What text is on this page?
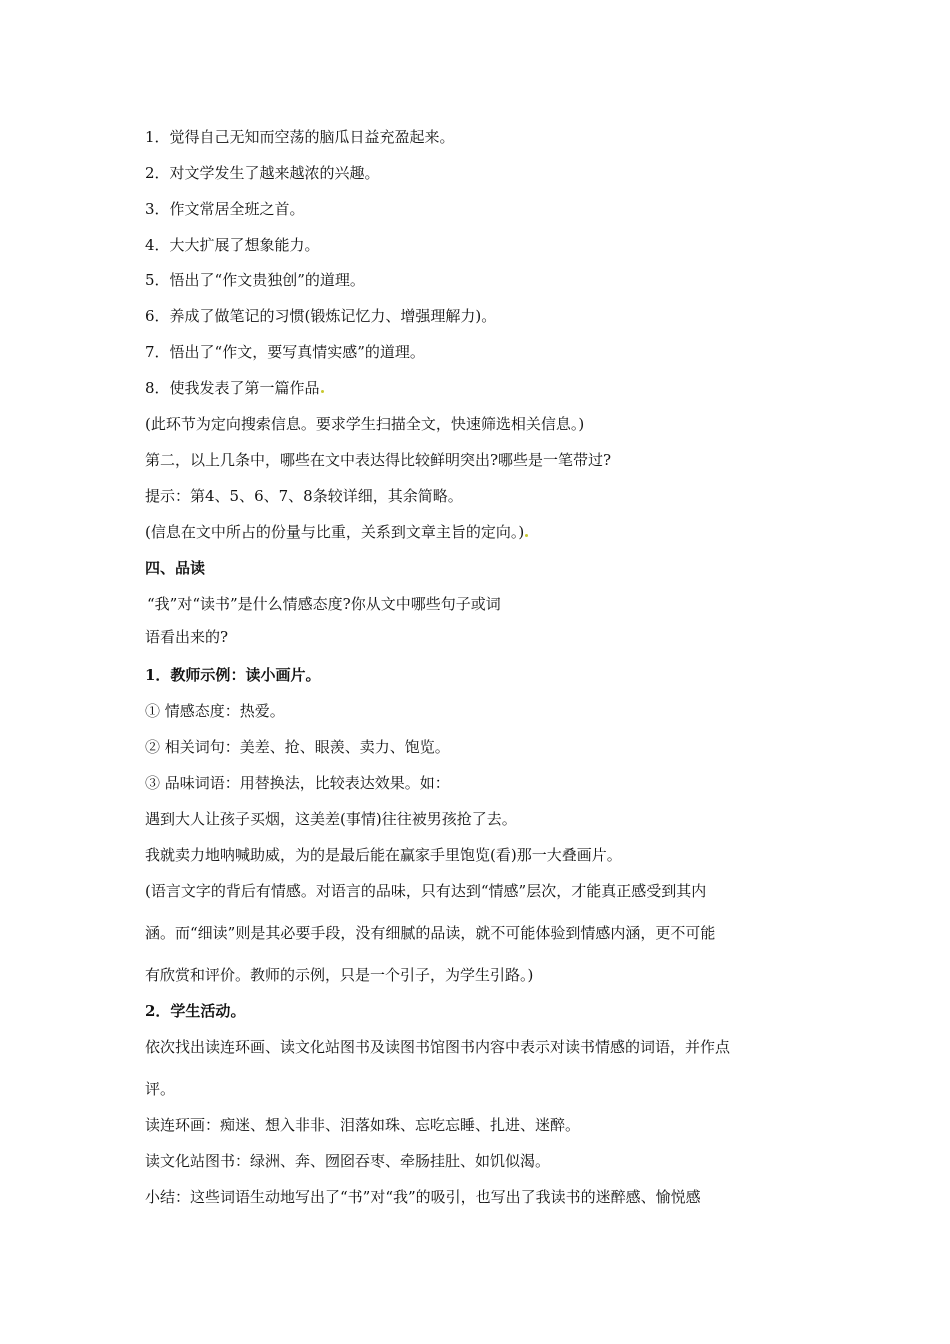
1．觉得自己无知而空荡的脑瓜日益充盈起来。
2．对文学发生了越来越浓的兴趣。
3．作文常居全班之首。
4．大大扩展了想象能力。
5．悟出了“作文贵独创”的道理。
6．养成了做笔记的习惯(锻炼记忆力、增强理解力)。
7．悟出了“作文，要写真情实感”的道理。
8．使我发表了第一篇作品
(此环节为定向搜索信息。要求学生扫描全文，快速筛选相关信息。)
第二，以上几条中，哪些在文中表达得比较鲜明突出?哪些是一笔带过?
提示：第4、5、6、7、8条较详细，其余简略。
(信息在文中所占的份量与比重，关系到文章主旨的定向。)
四、品读
“我”对“读书”是什么情感态度?你从文中哪些句子或词
语看出来的?
1．教师示例：读小画片。
① 情感态度：热爱。
② 相关词句：美差、抢、眼羡、卖力、饱览。
③ 品味词语：用替换法，比较表达效果。如：
遇到大人让孩子买烟，这美差(事情)往往被男孩抢了去。
我就卖力地呐喊助威，为的是最后能在赢家手里饱览(看)那一大叠画片。
(语言文字的背后有情感。对语言的品味，只有达到“情感”层次，才能真正感受到其内
涵。而“细读”则是其必要手段，没有细腻的品读，就不可能体验到情感内涵，更不可能
有欣赏和评价。教师的示例，只是一个引子，为学生引路。)
2．学生活动。
依次找出读连环画、读文化站图书及读图书馆图书内容中表示对读书情感的词语，并作点
评。
读连环画：痴迷、想入非非、泪落如珠、忘吃忘睡、扎进、迷醉。
读文化站图书：绿洲、奔、囫囵吞枣、牵肠挂肚、如饥似渴。
小结：这些词语生动地写出了“书”对“我”的吸引，也写出了我读书的迷醉感、愉悦感
